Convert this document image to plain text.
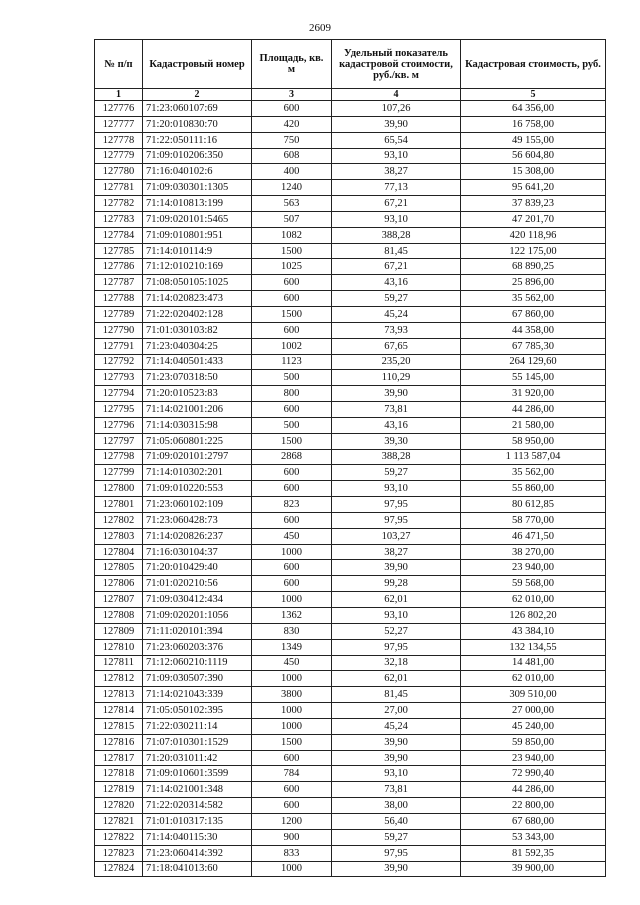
2609
№ п/п	Кадастровый номер	Площадь, кв. м	Удельный показатель кадастровой стоимости, руб./кв. м	Кадастровая стоимость, руб.
1	2	3	4	5
127776	71:23:060107:69	600	107,26	64 356,00
127777	71:20:010830:70	420	39,90	16 758,00
127778	71:22:050111:16	750	65,54	49 155,00
127779	71:09:010206:350	608	93,10	56 604,80
127780	71:16:040102:6	400	38,27	15 308,00
127781	71:09:030301:1305	1240	77,13	95 641,20
127782	71:14:010813:199	563	67,21	37 839,23
127783	71:09:020101:5465	507	93,10	47 201,70
127784	71:09:010801:951	1082	388,28	420 118,96
127785	71:14:010114:9	1500	81,45	122 175,00
127786	71:12:010210:169	1025	67,21	68 890,25
127787	71:08:050105:1025	600	43,16	25 896,00
127788	71:14:020823:473	600	59,27	35 562,00
127789	71:22:020402:128	1500	45,24	67 860,00
127790	71:01:030103:82	600	73,93	44 358,00
127791	71:23:040304:25	1002	67,65	67 785,30
127792	71:14:040501:433	1123	235,20	264 129,60
127793	71:23:070318:50	500	110,29	55 145,00
127794	71:20:010523:83	800	39,90	31 920,00
127795	71:14:021001:206	600	73,81	44 286,00
127796	71:14:030315:98	500	43,16	21 580,00
127797	71:05:060801:225	1500	39,30	58 950,00
127798	71:09:020101:2797	2868	388,28	1 113 587,04
127799	71:14:010302:201	600	59,27	35 562,00
127800	71:09:010220:553	600	93,10	55 860,00
127801	71:23:060102:109	823	97,95	80 612,85
127802	71:23:060428:73	600	97,95	58 770,00
127803	71:14:020826:237	450	103,27	46 471,50
127804	71:16:030104:37	1000	38,27	38 270,00
127805	71:20:010429:40	600	39,90	23 940,00
127806	71:01:020210:56	600	99,28	59 568,00
127807	71:09:030412:434	1000	62,01	62 010,00
127808	71:09:020201:1056	1362	93,10	126 802,20
127809	71:11:020101:394	830	52,27	43 384,10
127810	71:23:060203:376	1349	97,95	132 134,55
127811	71:12:060210:1119	450	32,18	14 481,00
127812	71:09:030507:390	1000	62,01	62 010,00
127813	71:14:021043:339	3800	81,45	309 510,00
127814	71:05:050102:395	1000	27,00	27 000,00
127815	71:22:030211:14	1000	45,24	45 240,00
127816	71:07:010301:1529	1500	39,90	59 850,00
127817	71:20:031011:42	600	39,90	23 940,00
127818	71:09:010601:3599	784	93,10	72 990,40
127819	71:14:021001:348	600	73,81	44 286,00
127820	71:22:020314:582	600	38,00	22 800,00
127821	71:01:010317:135	1200	56,40	67 680,00
127822	71:14:040115:30	900	59,27	53 343,00
127823	71:23:060414:392	833	97,95	81 592,35
127824	71:18:041013:60	1000	39,90	39 900,00
